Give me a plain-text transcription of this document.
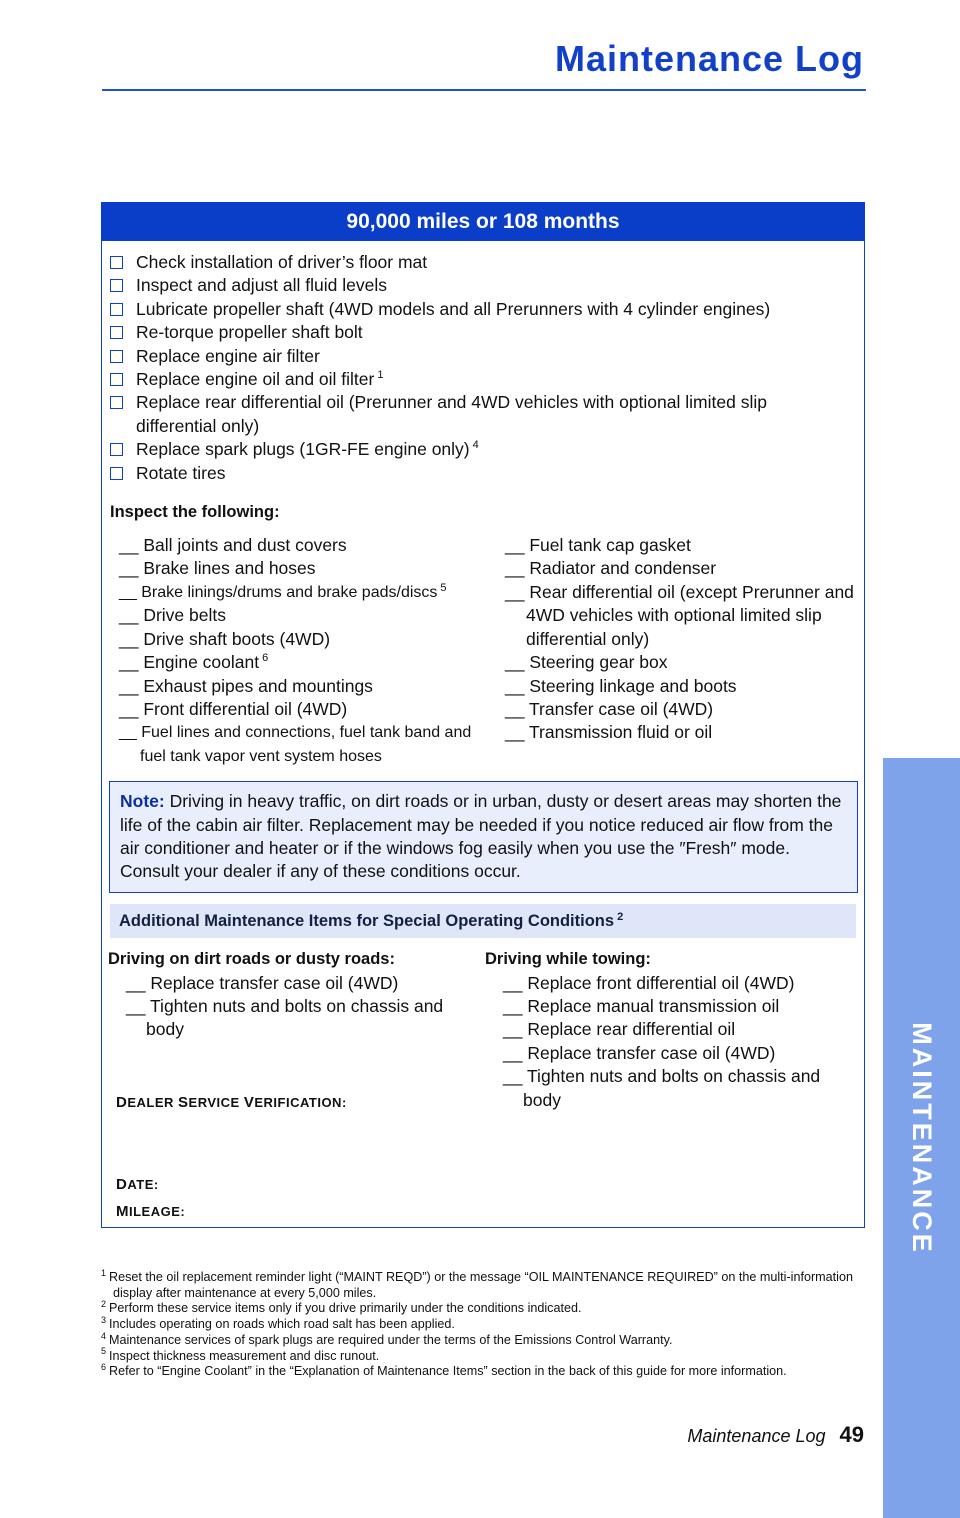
Maintenance Log
MAINTENANCE
90,000 miles or 108 months
Check installation of driver’s floor mat
Inspect and adjust all fluid levels
Lubricate propeller shaft (4WD models and all Prerunners with 4 cylinder engines)
Re-torque propeller shaft bolt
Replace engine air filter
Replace engine oil and oil filter $^1$
Replace rear differential oil (Prerunner and 4WD vehicles with optional limited slip differential only)
Replace spark plugs (1GR-FE engine only) $^4$
Rotate tires
Inspect the following:
__ Ball joints and dust covers
__ Brake lines and hoses
__ Brake linings/drums and brake pads/discs $^5$
__ Drive belts
__ Drive shaft boots (4WD)
__ Engine coolant $^6$
__ Exhaust pipes and mountings
__ Front differential oil (4WD)
__ Fuel lines and connections, fuel tank band and fuel tank vapor vent system hoses
__ Fuel tank cap gasket
__ Radiator and condenser
__ Rear differential oil (except Prerunner and 4WD vehicles with optional limited slip differential only)
__ Steering gear box
__ Steering linkage and boots
__ Transfer case oil (4WD)
__ Transmission fluid or oil
Note: Driving in heavy traffic, on dirt roads or in urban, dusty or desert areas may shorten the life of the cabin air filter. Replacement may be needed if you notice reduced air flow from the air conditioner and heater or if the windows fog easily when you use the ″Fresh″ mode. Consult your dealer if any of these conditions occur.
Additional Maintenance Items for Special Operating Conditions $^2$
Driving on dirt roads or dusty roads:
__ Replace transfer case oil (4WD)
__ Tighten nuts and bolts on chassis and body
DEALER SERVICE VERIFICATION:
DATE:
MILEAGE:
Driving while towing:
__ Replace front differential oil (4WD)
__ Replace manual transmission oil
__ Replace rear differential oil
__ Replace transfer case oil (4WD)
__ Tighten nuts and bolts on chassis and body
$^1$ Reset the oil replacement reminder light (“MAINT REQD”) or the message “OIL MAINTENANCE REQUIRED” on the multi-information display after maintenance at every 5,000 miles.
$^2$ Perform these service items only if you drive primarily under the conditions indicated.
$^3$ Includes operating on roads which road salt has been applied.
$^4$ Maintenance services of spark plugs are required under the terms of the Emissions Control Warranty.
$^5$ Inspect thickness measurement and disc runout.
$^6$ Refer to “Engine Coolant” in the “Explanation of Maintenance Items” section in the back of this guide for more information.
Maintenance Log 49
